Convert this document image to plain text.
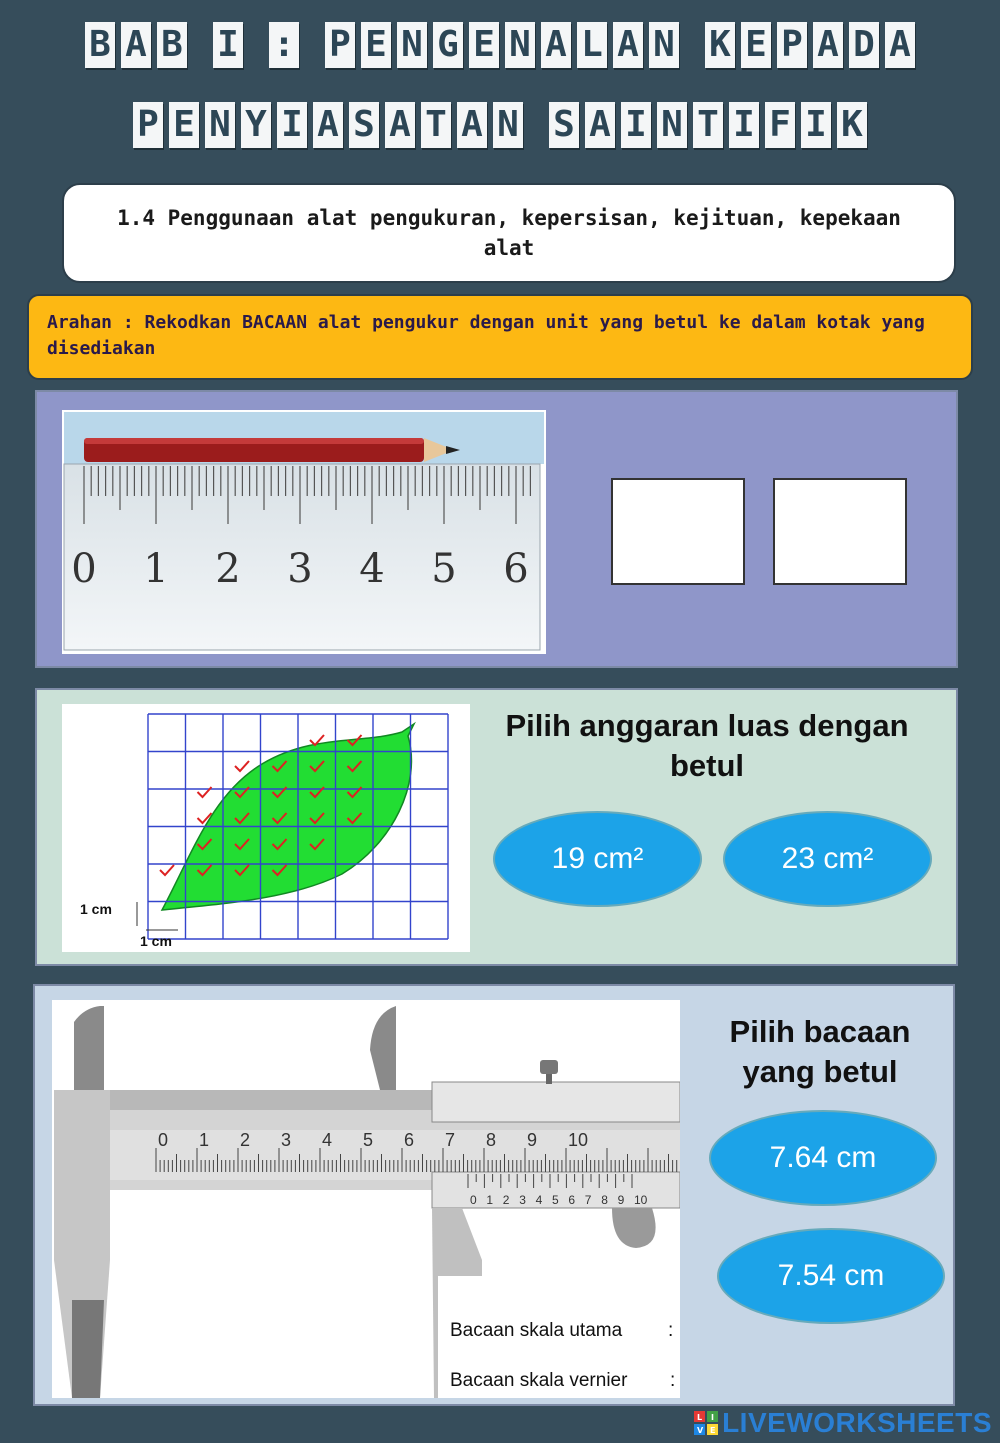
B A B I : P E N G E N A L A N K E P A D A
P E N Y I A S A T A N S A I N T I F I K
1.4 Penggunaan alat pengukuran, kepersisan, kejituan, kepekaan alat
Arahan : Rekodkan BACAAN alat pengukur dengan unit yang betul ke dalam kotak yang disediakan
0 1 2 3 4 5 6
1 cm
1 cm
Pilih anggaran luas dengan betul
19 cm²	23 cm²
0 1 2 3 4 5 6 7 8 9 10
0 1 2 3 4 5 6 7 8 9 10
Bacaan skala utama :
Bacaan skala vernier :
Pilih bacaan yang betul
7.64 cm
7.54 cm
L I
V E LIVEWORKSHEETS
